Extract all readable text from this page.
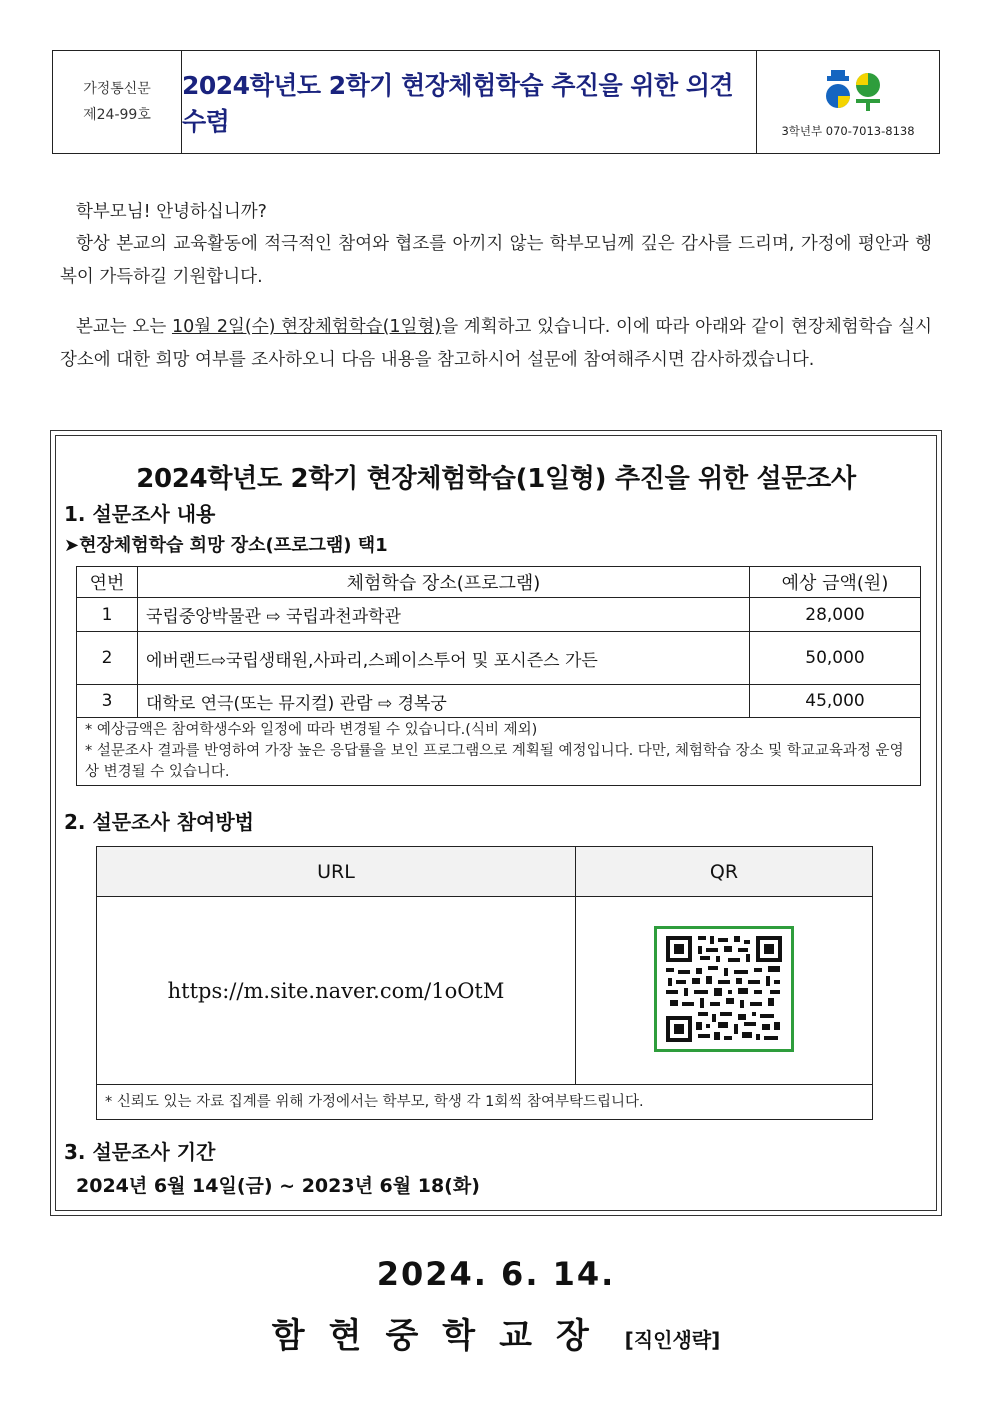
가정통신문
제24-99호
2024학년도 2학기 현장체험학습 추진을 위한 의견수렴	3학년부 070-7013-8138
학부모님! 안녕하십니까?
항상 본교의 교육활동에 적극적인 참여와 협조를 아끼지 않는 학부모님께 깊은 감사를 드리며, 가정에 평안과 행복이 가득하길 기원합니다.
본교는 오는 10월 2일(수) 현장체험학습(1일형)을 계획하고 있습니다. 이에 따라 아래와 같이 현장체험학습 실시 장소에 대한 희망 여부를 조사하오니 다음 내용을 참고하시어 설문에 참여해주시면 감사하겠습니다.
2024학년도 2학기 현장체험학습(1일형) 추진을 위한 설문조사
1. 설문조사 내용
➤현장체험학습 희망 장소(프로그램) 택1
연번	체험학습 장소(프로그램)	예상 금액(원)
1	국립중앙박물관 ⇨ 국립과천과학관	28,000
2	에버랜드⇨국립생태원,사파리,스페이스투어 및 포시즌스 가든	50,000
3	대학로 연극(또는 뮤지컬) 관람 ⇨ 경복궁	45,000

* 예상금액은 참여학생수와 일정에 따라 변경될 수 있습니다.(식비 제외)
* 설문조사 결과를 반영하여 가장 높은 응답률을 보인 프로그램으로 계획될 예정입니다. 다만, 체험학습 장소 및 학교교육과정 운영상 변경될 수 있습니다.		
2. 설문조사 참여방법
URL	QR
https://m.site.naver.com/1oOtM	
* 신뢰도 있는 자료 집계를 위해 가정에서는 학부모, 학생 각 1회씩 참여부탁드립니다.	
3. 설문조사 기간
2024년 6월 14일(금) ~ 2023년 6월 18(화)
2024. 6. 14.
함현중학교장 [직인생략]
